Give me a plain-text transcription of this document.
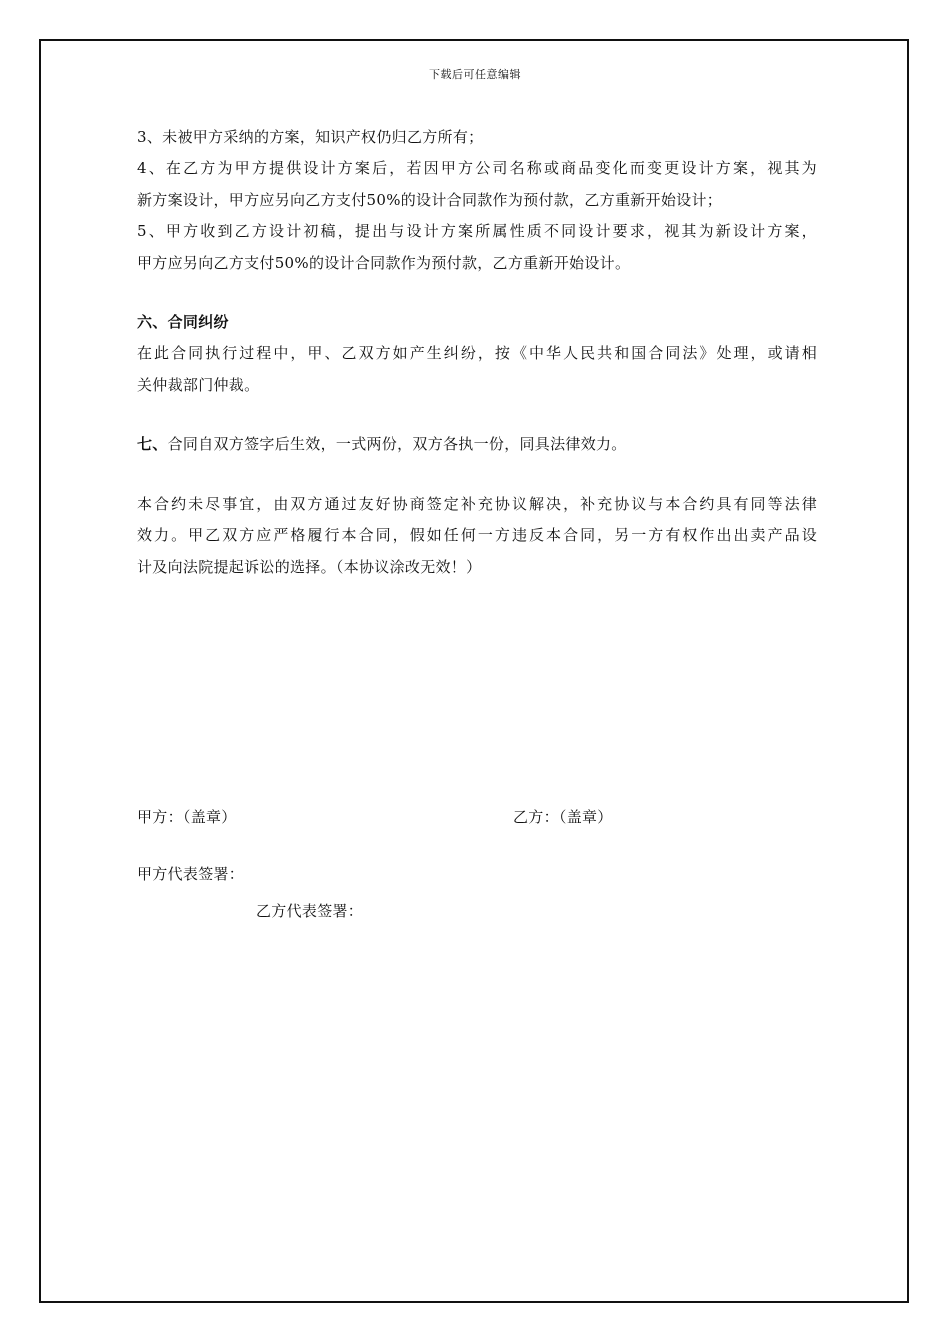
下载后可任意编辑
3、未被甲方采纳的方案，知识产权仍归乙方所有；
4、在乙方为甲方提供设计方案后，若因甲方公司名称或商品变化而变更设计方案，视其为
新方案设计，甲方应另向乙方支付50%的设计合同款作为预付款，乙方重新开始设计；
5、甲方收到乙方设计初稿，提出与设计方案所属性质不同设计要求，视其为新设计方案，
甲方应另向乙方支付50%的设计合同款作为预付款，乙方重新开始设计。
六、合同纠纷
在此合同执行过程中，甲、乙双方如产生纠纷，按《中华人民共和国合同法》处理，或请相
关仲裁部门仲裁。
七、合同自双方签字后生效，一式两份，双方各执一份，同具法律效力。
本合约未尽事宜，由双方通过友好协商签定补充协议解决，补充协议与本合约具有同等法律
效力。甲乙双方应严格履行本合同，假如任何一方违反本合同，另一方有权作出出卖产品设
计及向法院提起诉讼的选择。（本协议涂改无效！）
甲方：（盖章）	乙方：（盖章）
甲方代表签署：
乙方代表签署：
